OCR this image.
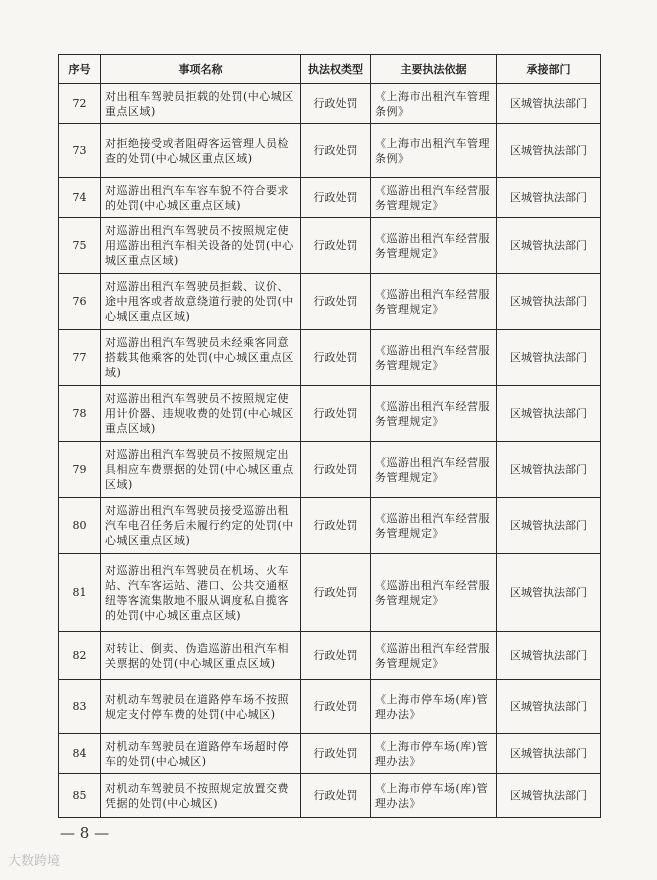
序号	事项名称	执法权类型	主要执法依据	承接部门
72	对出租车驾驶员拒载的处罚(中心城区重点区域)	行政处罚	《上海市出租汽车管理条例》	区城管执法部门
73	对拒绝接受或者阻碍客运管理人员检查的处罚(中心城区重点区域)	行政处罚	《上海市出租汽车管理条例》	区城管执法部门
74	对巡游出租汽车车容车貌不符合要求的处罚(中心城区重点区域)	行政处罚	《巡游出租汽车经营服务管理规定》	区城管执法部门
75	对巡游出租汽车驾驶员不按照规定使用巡游出租汽车相关设备的处罚(中心城区重点区域)	行政处罚	《巡游出租汽车经营服务管理规定》	区城管执法部门
76	对巡游出租汽车驾驶员拒载、议价、途中甩客或者故意绕道行驶的处罚(中心城区重点区域)	行政处罚	《巡游出租汽车经营服务管理规定》	区城管执法部门
77	对巡游出租汽车驾驶员未经乘客同意搭载其他乘客的处罚(中心城区重点区域)	行政处罚	《巡游出租汽车经营服务管理规定》	区城管执法部门
78	对巡游出租汽车驾驶员不按照规定使用计价器、违规收费的处罚(中心城区重点区域)	行政处罚	《巡游出租汽车经营服务管理规定》	区城管执法部门
79	对巡游出租汽车驾驶员不按照规定出具相应车费票据的处罚(中心城区重点区域)	行政处罚	《巡游出租汽车经营服务管理规定》	区城管执法部门
80	对巡游出租汽车驾驶员接受巡游出租汽车电召任务后未履行约定的处罚(中心城区重点区域)	行政处罚	《巡游出租汽车经营服务管理规定》	区城管执法部门
81	对巡游出租汽车驾驶员在机场、火车站、汽车客运站、港口、公共交通枢纽等客流集散地不服从调度私自揽客的处罚(中心城区重点区域)	行政处罚	《巡游出租汽车经营服务管理规定》	区城管执法部门
82	对转让、倒卖、伪造巡游出租汽车相关票据的处罚(中心城区重点区域)	行政处罚	《巡游出租汽车经营服务管理规定》	区城管执法部门
83	对机动车驾驶员在道路停车场不按照规定支付停车费的处罚(中心城区)	行政处罚	《上海市停车场(库)管理办法》	区城管执法部门
84	对机动车驾驶员在道路停车场超时停车的处罚(中心城区)	行政处罚	《上海市停车场(库)管理办法》	区城管执法部门
85	对机动车驾驶员不按照规定放置交费凭据的处罚(中心城区)	行政处罚	《上海市停车场(库)管理办法》	区城管执法部门
— 8 —
大数跨境
